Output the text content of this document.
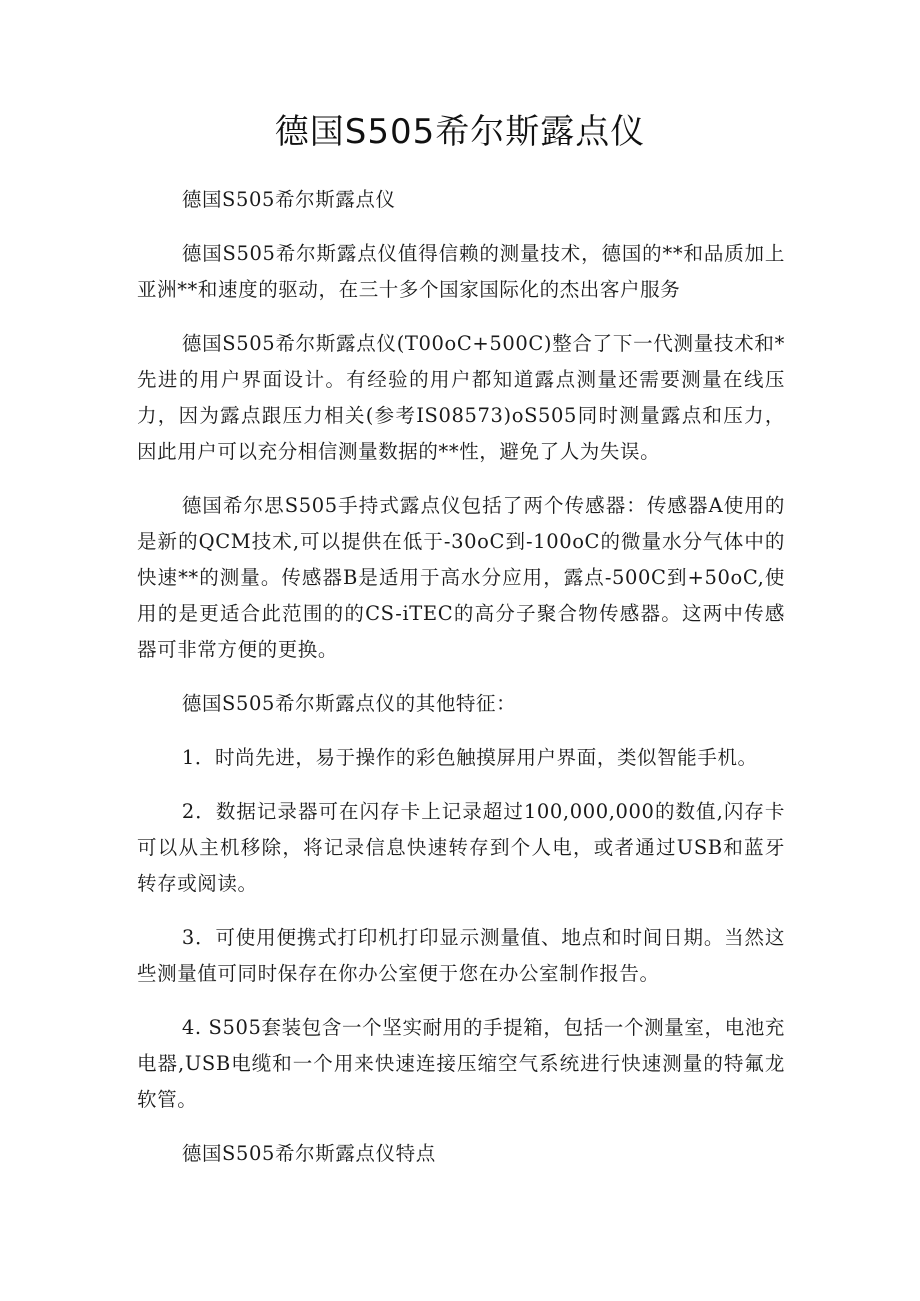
德国S505希尔斯露点仪

德国S505希尔斯露点仪

德国S505希尔斯露点仪值得信赖的测量技术，德国的**和品质加上亚洲**和速度的驱动，在三十多个国家国际化的杰出客户服务

德国S505希尔斯露点仪(T00oC+500C)整合了下一代测量技术和*先进的用户界面设计。有经验的用户都知道露点测量还需要测量在线压力，因为露点跟压力相关(参考IS08573)oS505同时测量露点和压力，因此用户可以充分相信测量数据的**性，避免了人为失误。

德国希尔思S505手持式露点仪包括了两个传感器：传感器A使用的是新的QCM技术,可以提供在低于-30oC到-100oC的微量水分气体中的快速**的测量。传感器B是适用于高水分应用，露点-500C到+50oC,使用的是更适合此范围的的CS-iTEC的高分子聚合物传感器。这两中传感器可非常方便的更换。

德国S505希尔斯露点仪的其他特征：

1．时尚先进，易于操作的彩色触摸屏用户界面，类似智能手机。

2．数据记录器可在闪存卡上记录超过100,000,000的数值,闪存卡可以从主机移除，将记录信息快速转存到个人电，或者通过USB和蓝牙转存或阅读。

3．可使用便携式打印机打印显示测量值、地点和时间日期。当然这些测量值可同时保存在你办公室便于您在办公室制作报告。

4. S505套装包含一个坚实耐用的手提箱，包括一个测量室，电池充电器,USB电缆和一个用来快速连接压缩空气系统进行快速测量的特氟龙软管。

德国S505希尔斯露点仪特点
